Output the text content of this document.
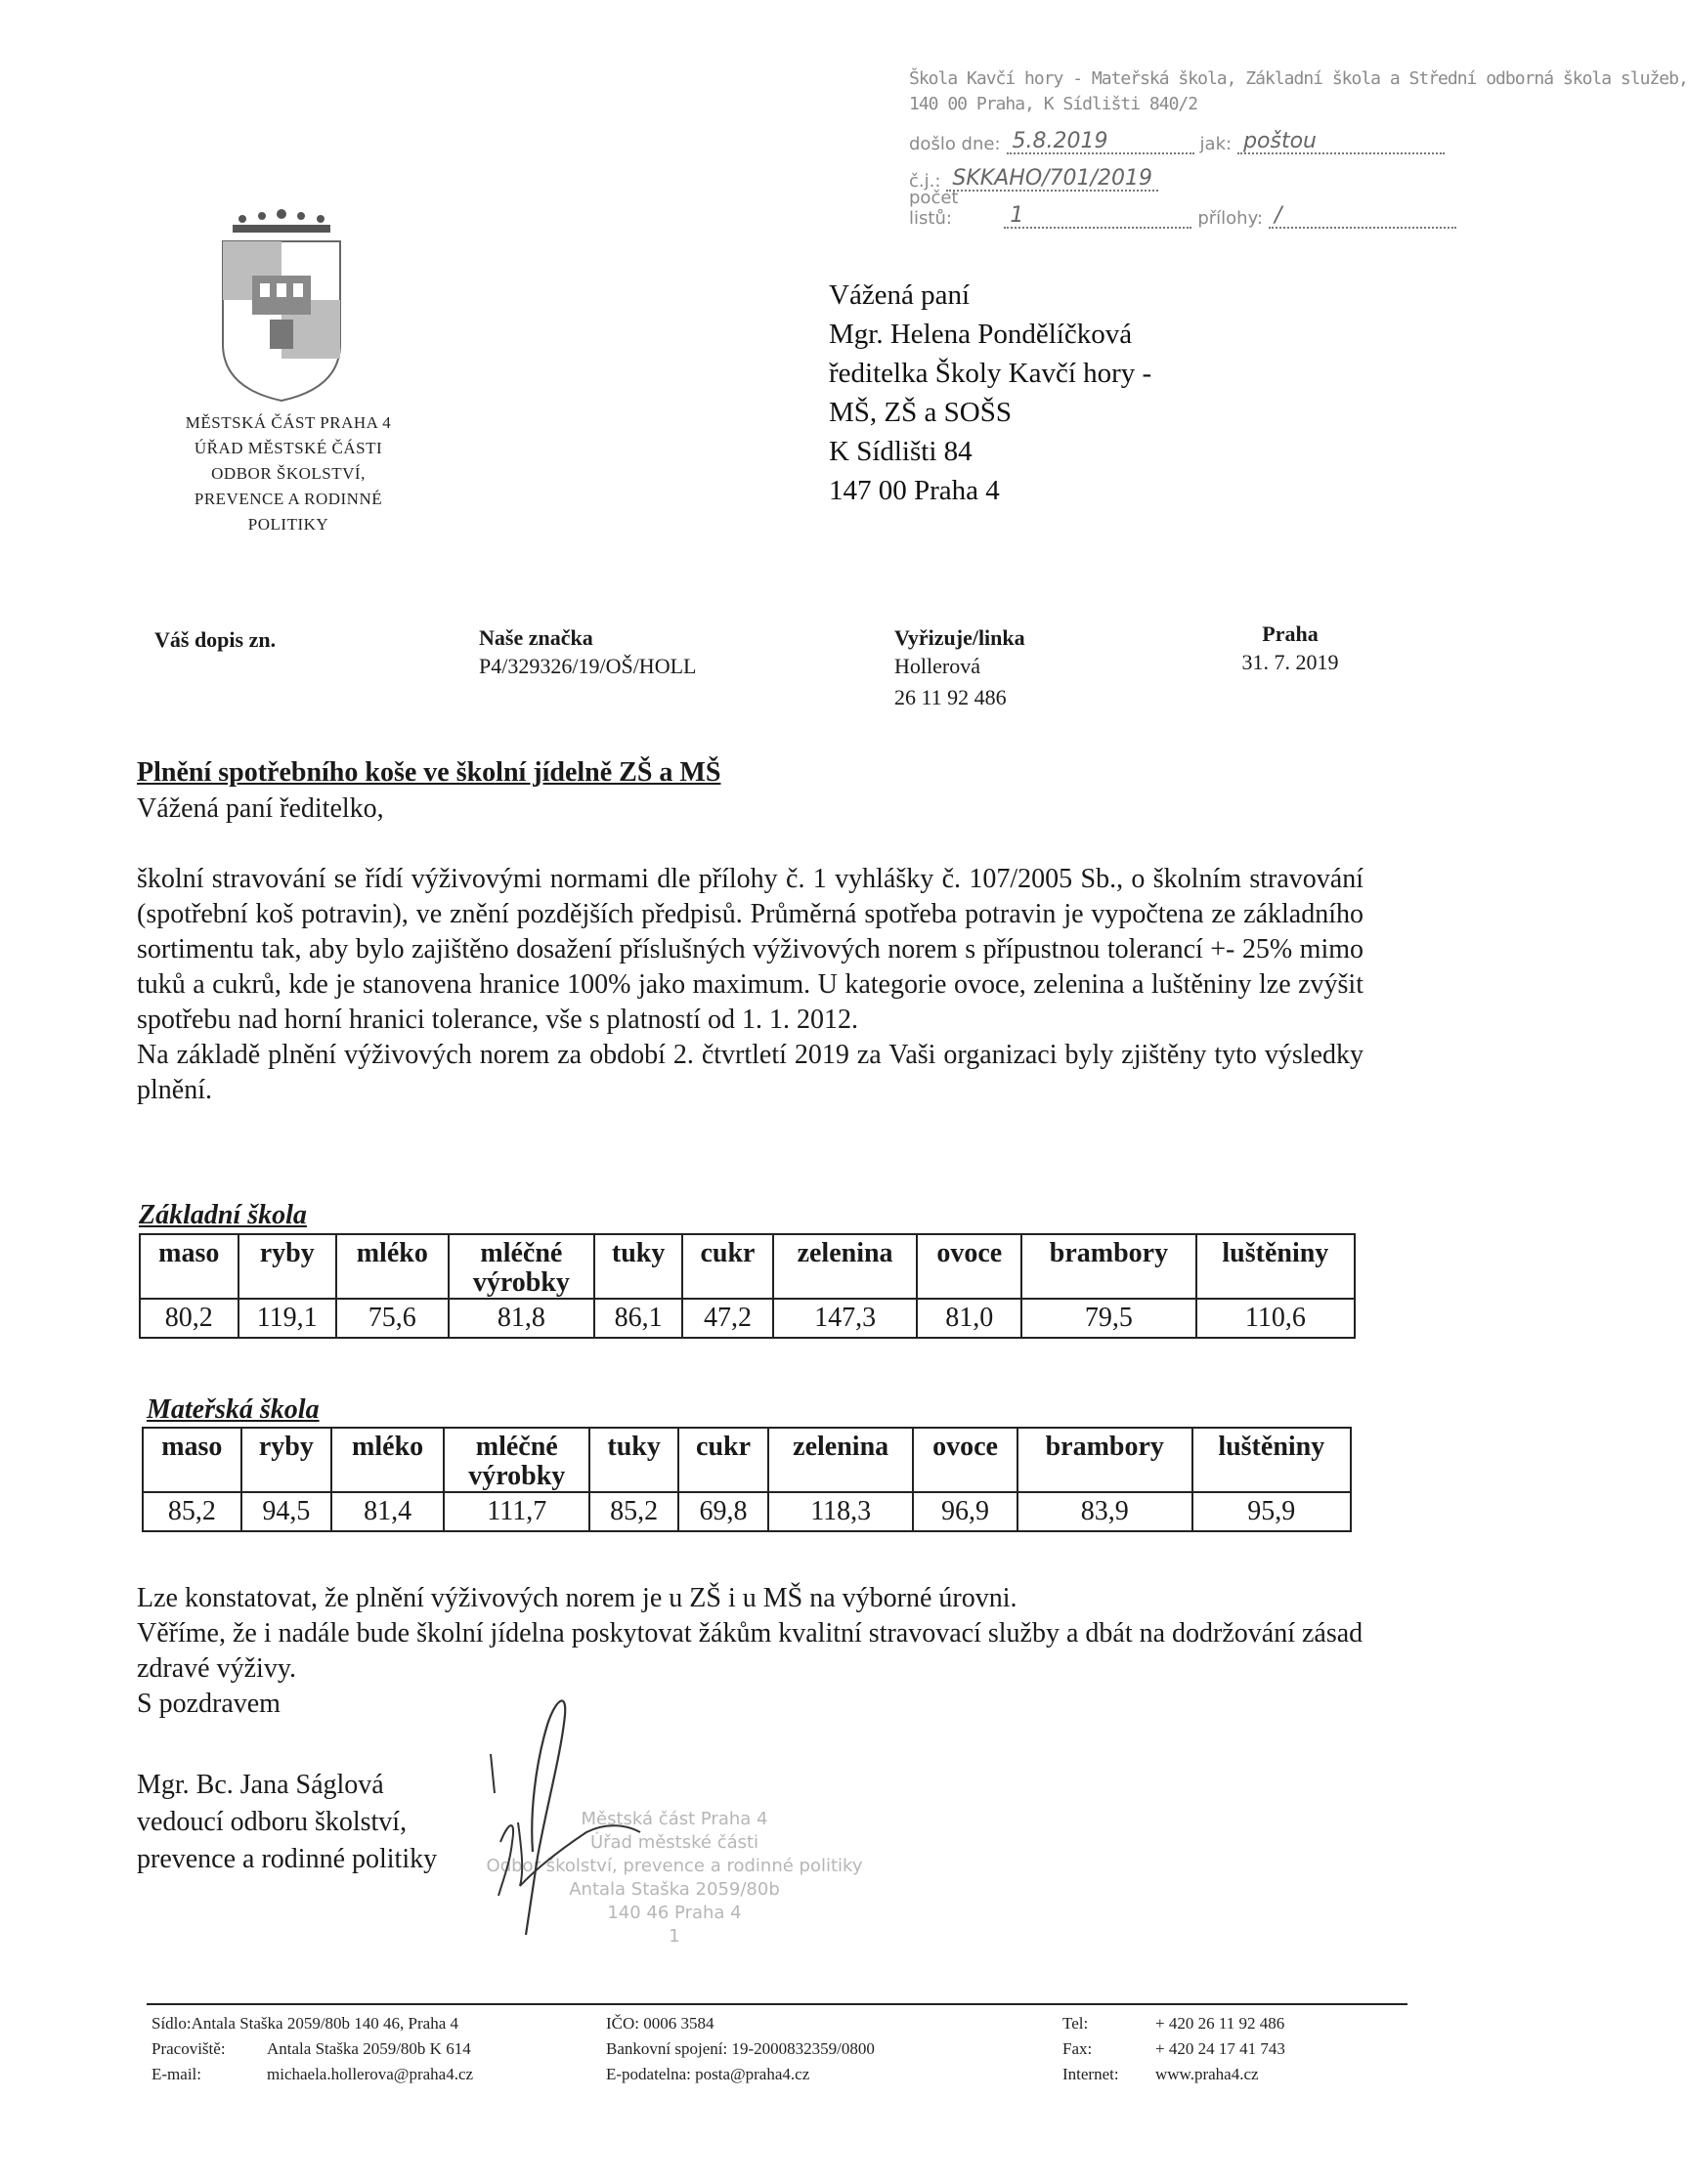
Škola Kavčí hory - Mateřská škola, Základní škola a Střední odborná škola služeb,
140 00 Praha, K Sídlišti 840/2
došlo dne: 5.8.2019	jak: poštou
č.j.: SKKAHO/701/2019
počet listů:	1	přílohy: /
MĚSTSKÁ ČÁST PRAHA 4
ÚŘAD MĚSTSKÉ ČÁSTI
ODBOR ŠKOLSTVÍ,
PREVENCE A RODINNÉ
POLITIKY
Vážená paní
Mgr. Helena Pondělíčková
ředitelka Školy Kavčí hory -
MŠ, ZŠ a SOŠS
K Sídlišti 84
147 00 Praha 4
Váš dopis zn.	Naše značka
P4/329326/19/OŠ/HOLL
Vyřizuje/linka
Hollerová
26 11 92 486
Praha
31. 7. 2019
Plnění spotřebního koše ve školní jídelně ZŠ a MŠ
Vážená paní ředitelko,

školní stravování se řídí výživovými normami dle přílohy č. 1 vyhlášky č. 107/2005 Sb., o školním stravování (spotřební koš potravin), ve znění pozdějších předpisů. Průměrná spotřeba potravin je vypočtena ze základního sortimentu tak, aby bylo zajištěno dosažení příslušných výživových norem s přípustnou tolerancí +- 25% mimo tuků a cukrů, kde je stanovena hranice 100% jako maximum. U kategorie ovoce, zelenina a luštěniny lze zvýšit spotřebu nad horní hranici tolerance, vše s platností od 1. 1. 2012.

Na základě plnění výživových norem za období 2. čtvrtletí 2019 za Vaši organizaci byly zjištěny tyto výsledky plnění.

Základní škola
maso	ryby	mléko	mléčné
výrobky	tuky	cukr	zelenina	ovoce	brambory	luštěniny
80,2	119,1	75,6	81,8	86,1	47,2	147,3	81,0	79,5	110,6
Mateřská škola
maso	ryby	mléko	mléčné
výrobky	tuky	cukr	zelenina	ovoce	brambory	luštěniny
85,2	94,5	81,4	111,7	85,2	69,8	118,3	96,9	83,9	95,9

Lze konstatovat, že plnění výživových norem je u ZŠ i u MŠ na výborné úrovni.

Věříme, že i nadále bude školní jídelna poskytovat žákům kvalitní stravovací služby a dbát na dodržování zásad zdravé výživy.

S pozdravem

Městská část Praha 4
Úřad městské části
Odbor školství, prevence a rodinné politiky
Antala Staška 2059/80b
140 46 Praha 4
1
Mgr. Bc. Jana Ságlová
vedoucí odboru školství,
prevence a rodinné politiky
Sídlo:Antala Staška 2059/80b 140 46, Praha 4
Pracoviště: Antala Staška 2059/80b K 614
E-mail:	michaela.hollerova@praha4.cz
IČO: 0006 3584
Bankovní spojení: 19-2000832359/0800
E-podatelna: posta@praha4.cz
Tel:	+ 420 26 11 92 486
Fax:	+ 420 24 17 41 743
Internet: www.praha4.cz
